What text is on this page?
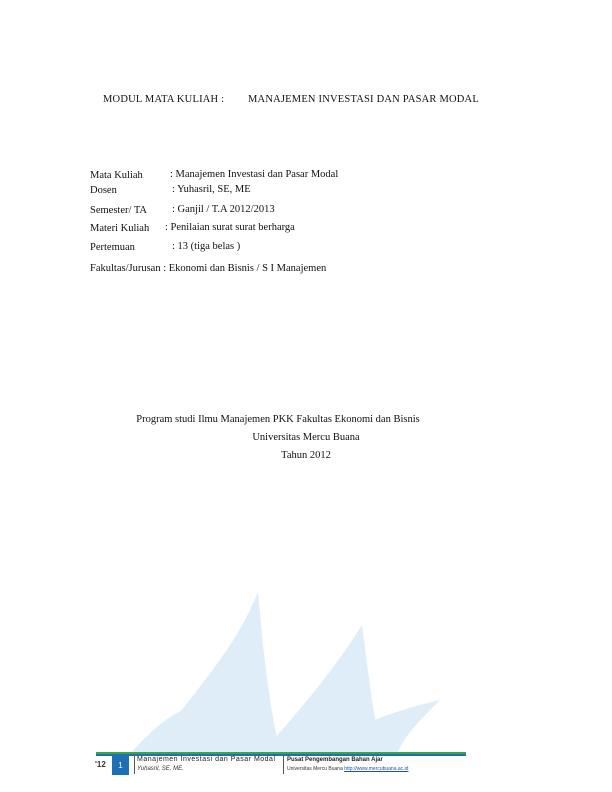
MODUL MATA KULIAH : MANAJEMEN INVESTASI DAN PASAR MODAL
Mata Kuliah	: Manajemen Investasi dan Pasar Modal
Dosen	: Yuhasril, SE, ME
Semester/ TA : Ganjil / T.A 2012/2013
Materi Kuliah : Penilaian surat surat berharga
Pertemuan	: 13 (tiga belas )
Fakultas/Jurusan : Ekonomi dan Bisnis / S I Manajemen
Program studi Ilmu Manajemen PKK Fakultas Ekonomi dan Bisnis
Universitas Mercu Buana
Tahun 2012
'12	1
Manajemen Investasi dan Pasar Modal
Yuhasril, SE, ME.
Pusat Pengembangan Bahan Ajar
Universitas Mercu Buana http://www.mercubuana.ac.id
